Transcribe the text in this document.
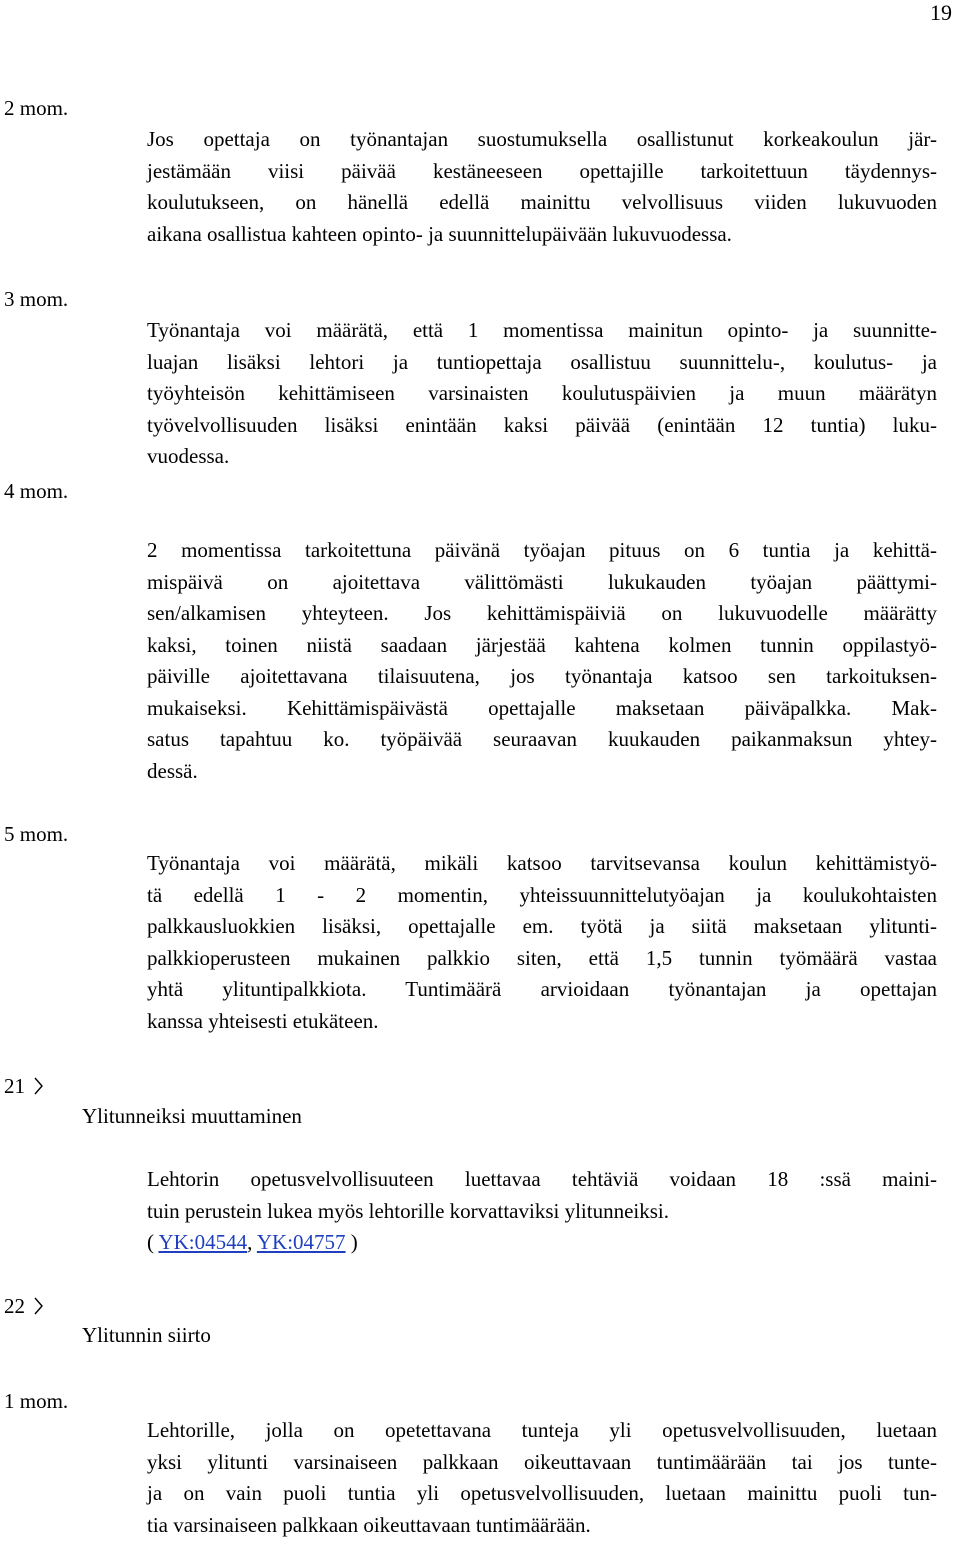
19
2 mom.
Jos opettaja on työnantajan suostumuksella osallistunut korkeakoulun jär-
jestämään viisi päivää kestäneeseen opettajille tarkoitettuun täydennys-
koulutukseen, on hänellä edellä mainittu velvollisuus viiden lukuvuoden
aikana osallistua kahteen opinto- ja suunnittelupäivään lukuvuodessa.
3 mom.
Työnantaja voi määrätä, että 1 momentissa mainitun opinto- ja suunnitte-
luajan lisäksi lehtori ja tuntiopettaja osallistuu suunnittelu-, koulutus- ja
työyhteisön kehittämiseen varsinaisten koulutuspäivien ja muun määrätyn
työvelvollisuuden lisäksi enintään kaksi päivää (enintään 12 tuntia) luku-
vuodessa.
4 mom.
2 momentissa tarkoitettuna päivänä työajan pituus on 6 tuntia ja kehittä-
mispäivä on ajoitettava välittömästi lukukauden työajan päättymi-
sen/alkamisen yhteyteen. Jos kehittämispäiviä on lukuvuodelle määrätty
kaksi, toinen niistä saadaan järjestää kahtena kolmen tunnin oppilastyö-
päiville ajoitettavana tilaisuutena, jos työnantaja katsoo sen tarkoituksen-
mukaiseksi. Kehittämispäivästä opettajalle maksetaan päiväpalkka. Mak-
satus tapahtuu ko. työpäivää seuraavan kuukauden paikanmaksun yhtey-
dessä.
5 mom.
Työnantaja voi määrätä, mikäli katsoo tarvitsevansa koulun kehittämistyö-
tä edellä 1 - 2 momentin, yhteissuunnittelutyöajan ja koulukohtaisten
palkkausluokkien lisäksi, opettajalle em. työtä ja siitä maksetaan ylitunti-
palkkioperusteen mukainen palkkio siten, että 1,5 tunnin työmäärä vastaa
yhtä ylituntipalkkiota. Tuntimäärä arvioidaan työnantajan ja opettajan
kanssa yhteisesti etukäteen.
21
Ylitunneiksi muuttaminen
Lehtorin opetusvelvollisuuteen luettavaa tehtäviä voidaan 18 :ssä maini-
tuin perustein lukea myös lehtorille korvattaviksi ylitunneiksi.
( YK:04544, YK:04757 )
22
Ylitunnin siirto
1 mom.
Lehtorille, jolla on opetettavana tunteja yli opetusvelvollisuuden, luetaan
yksi ylitunti varsinaiseen palkkaan oikeuttavaan tuntimäärään tai jos tunte-
ja on vain puoli tuntia yli opetusvelvollisuuden, luetaan mainittu puoli tun-
tia varsinaiseen palkkaan oikeuttavaan tuntimäärään.
